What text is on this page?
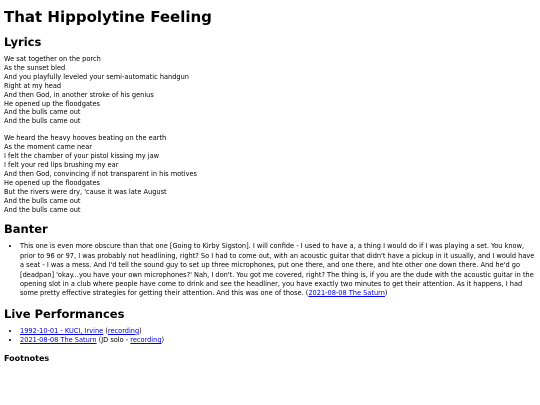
That Hippolytine Feeling
Lyrics
We sat together on the porch
As the sunset bled
And you playfully leveled your semi-automatic handgun
Right at my head
And then God, in another stroke of his genius
He opened up the floodgates
And the bulls came out
And the bulls came out
We heard the heavy hooves beating on the earth
As the moment came near
I felt the chamber of your pistol kissing my jaw
I felt your red lips brushing my ear
And then God, convincing if not transparent in his motives
He opened up the floodgates
But the rivers were dry, 'cause it was late August
And the bulls came out
And the bulls came out
Banter
• This one is even more obscure than that one [Going to Kirby Sigston]. I will confide - I used to have a, a thing I would do if I was playing a set. You know, prior to 96 or 97, I was probably not headlining, right? So I had to come out, with an acoustic guitar that didn't have a pickup in it usually, and I would have a seat - I was a mess. And I'd tell the sound guy to set up three microphones, put one there, and one there, and hte other one down there. And he'd go [deadpan] 'okay...you have your own microphones?' Nah, I don't. You got me covered, right? The thing is, if you are the dude with the acoustic guitar in the opening slot in a club where people have come to drink and see the headliner, you have exactly two minutes to get their attention. As it happens, I had some pretty effective strategies for getting their attention. And this was one of those. (2021-08-08 The Saturn)
Live Performances
• 1992-10-01 - KUCI, Irvine (recording)
• 2021-08-08 The Saturn (JD solo - recording)
Footnotes
